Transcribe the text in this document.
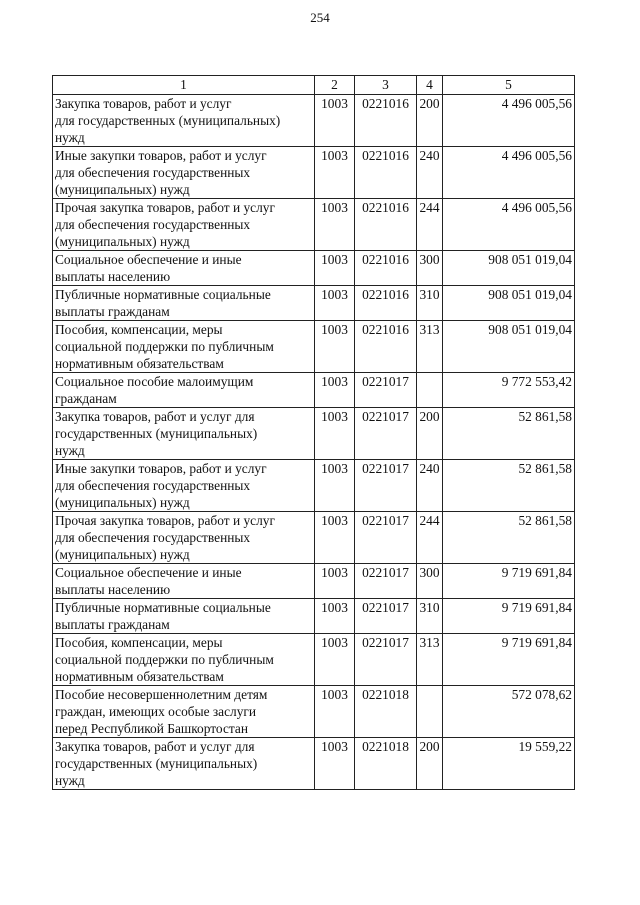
254
1	2	3	4	5

Закупка товаров, работ и услуг
для государственных (муниципальных)
нужд	1003	0221016	200	4 496 005,56

Иные закупки товаров, работ и услуг
для обеспечения государственных
(муниципальных) нужд	1003	0221016	240	4 496 005,56

Прочая закупка товаров, работ и услуг
для обеспечения государственных
(муниципальных) нужд	1003	0221016	244	4 496 005,56

Социальное обеспечение и иные
выплаты населению	1003	0221016	300	908 051 019,04

Публичные нормативные социальные
выплаты гражданам	1003	0221016	310	908 051 019,04

Пособия, компенсации, меры
социальной поддержки по публичным
нормативным обязательствам	1003	0221016	313	908 051 019,04

Социальное пособие малоимущим
гражданам	1003	0221017		9 772 553,42

Закупка товаров, работ и услуг для
государственных (муниципальных)
нужд	1003	0221017	200	52 861,58

Иные закупки товаров, работ и услуг
для обеспечения государственных
(муниципальных) нужд	1003	0221017	240	52 861,58

Прочая закупка товаров, работ и услуг
для обеспечения государственных
(муниципальных) нужд	1003	0221017	244	52 861,58

Социальное обеспечение и иные
выплаты населению	1003	0221017	300	9 719 691,84

Публичные нормативные социальные
выплаты гражданам	1003	0221017	310	9 719 691,84

Пособия, компенсации, меры
социальной поддержки по публичным
нормативным обязательствам	1003	0221017	313	9 719 691,84

Пособие несовершеннолетним детям
граждан, имеющих особые заслуги
перед Республикой Башкортостан	1003	0221018		572 078,62

Закупка товаров, работ и услуг для
государственных (муниципальных)
нужд	1003	0221018	200	19 559,22
